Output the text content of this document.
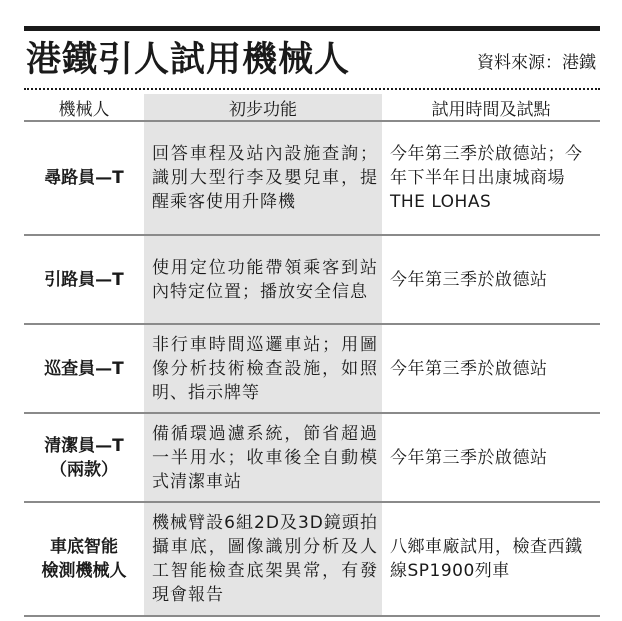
港鐵引人試用機械人	資料來源：港鐵
機械人	初步功能	試用時間及試點

尋路員—T	回答車程及站內設施查詢；識別大型行李及嬰兒車，提醒乘客使用升降機	今年第三季於啟德站；今年下半年日出康城商場THE LOHAS

引路員—T	使用定位功能帶領乘客到站內特定位置；播放安全信息	今年第三季於啟德站

巡查員—T	非行車時間巡邏車站；用圖像分析技術檢查設施，如照明、指示牌等	今年第三季於啟德站

清潔員—T
（兩款）	備循環過濾系統，節省超過一半用水；收車後全自動模式清潔車站	今年第三季於啟德站

車底智能
檢測機械人	機械臂設6組2D及3D鏡頭拍攝車底，圖像識別分析及人工智能檢查底架異常，有發現會報告	八鄉車廠試用，檢查西鐵線SP1900列車
